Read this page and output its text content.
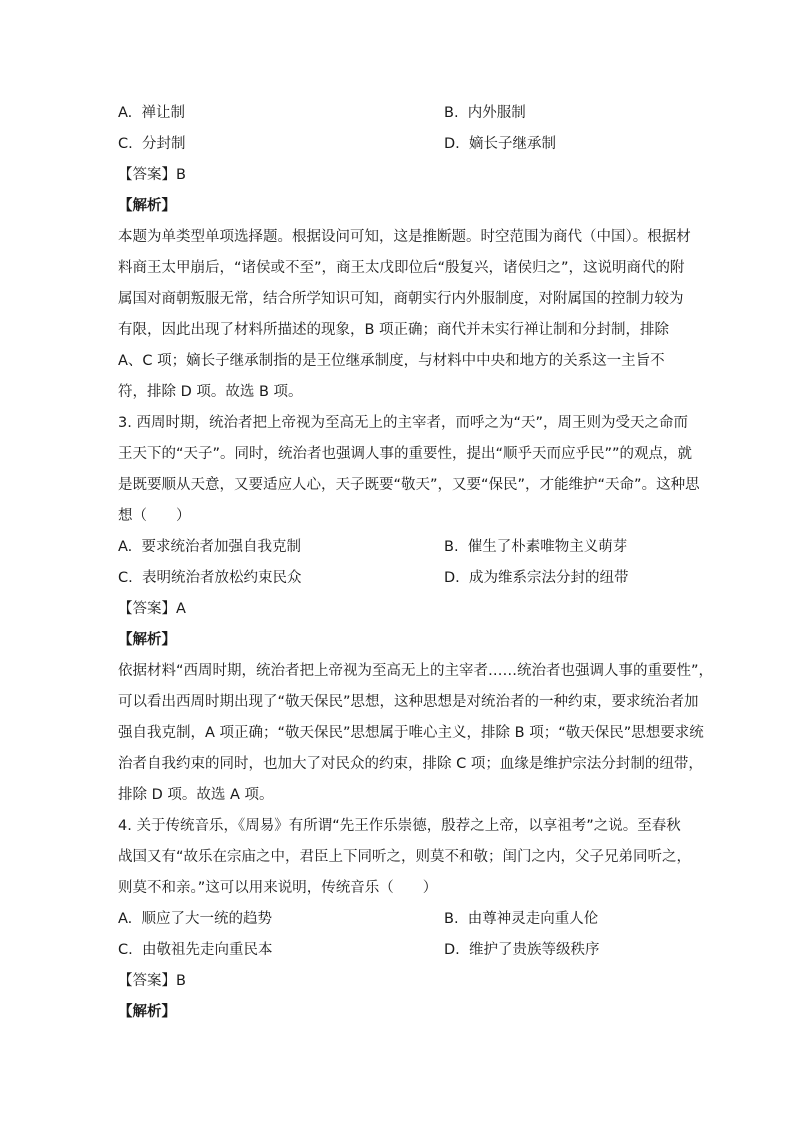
A. 禅让制	B. 内外服制
C. 分封制	D. 嫡长子继承制
【答案】B
【解析】
本题为单类型单项选择题。根据设问可知，这是推断题。时空范围为商代（中国）。根据材
料商王太甲崩后，“诸侯或不至”，商王太戊即位后“殷复兴，诸侯归之”，这说明商代的附
属国对商朝叛服无常，结合所学知识可知，商朝实行内外服制度，对附属国的控制力较为
有限，因此出现了材料所描述的现象，B 项正确；商代并未实行禅让制和分封制，排除
A、C 项；嫡长子继承制指的是王位继承制度，与材料中中央和地方的关系这一主旨不
符，排除 D 项。故选 B 项。
3. 西周时期，统治者把上帝视为至高无上的主宰者，而呼之为“天”，周王则为受天之命而
王天下的“天子”。同时，统治者也强调人事的重要性，提出“顺乎天而应乎民””的观点，就
是既要顺从天意，又要适应人心，天子既要“敬天”，又要“保民”，才能维护“天命”。这种思
想（　　）
A. 要求统治者加强自我克制	B. 催生了朴素唯物主义萌芽
C. 表明统治者放松约束民众	D. 成为维系宗法分封的纽带
【答案】A
【解析】
依据材料“西周时期，统治者把上帝视为至高无上的主宰者……统治者也强调人事的重要性”，
可以看出西周时期出现了“敬天保民”思想，这种思想是对统治者的一种约束，要求统治者加
强自我克制，A 项正确；“敬天保民”思想属于唯心主义，排除 B 项；“敬天保民”思想要求统
治者自我约束的同时，也加大了对民众的约束，排除 C 项；血缘是维护宗法分封制的纽带，
排除 D 项。故选 A 项。
4. 关于传统音乐，《周易》有所谓“先王作乐崇德，殷荐之上帝，以享祖考”之说。至春秋
战国又有“故乐在宗庙之中，君臣上下同听之，则莫不和敬；闺门之内，父子兄弟同听之，
则莫不和亲。”这可以用来说明，传统音乐（　　）
A. 顺应了大一统的趋势	B. 由尊神灵走向重人伦
C. 由敬祖先走向重民本	D. 维护了贵族等级秩序
【答案】B
【解析】
